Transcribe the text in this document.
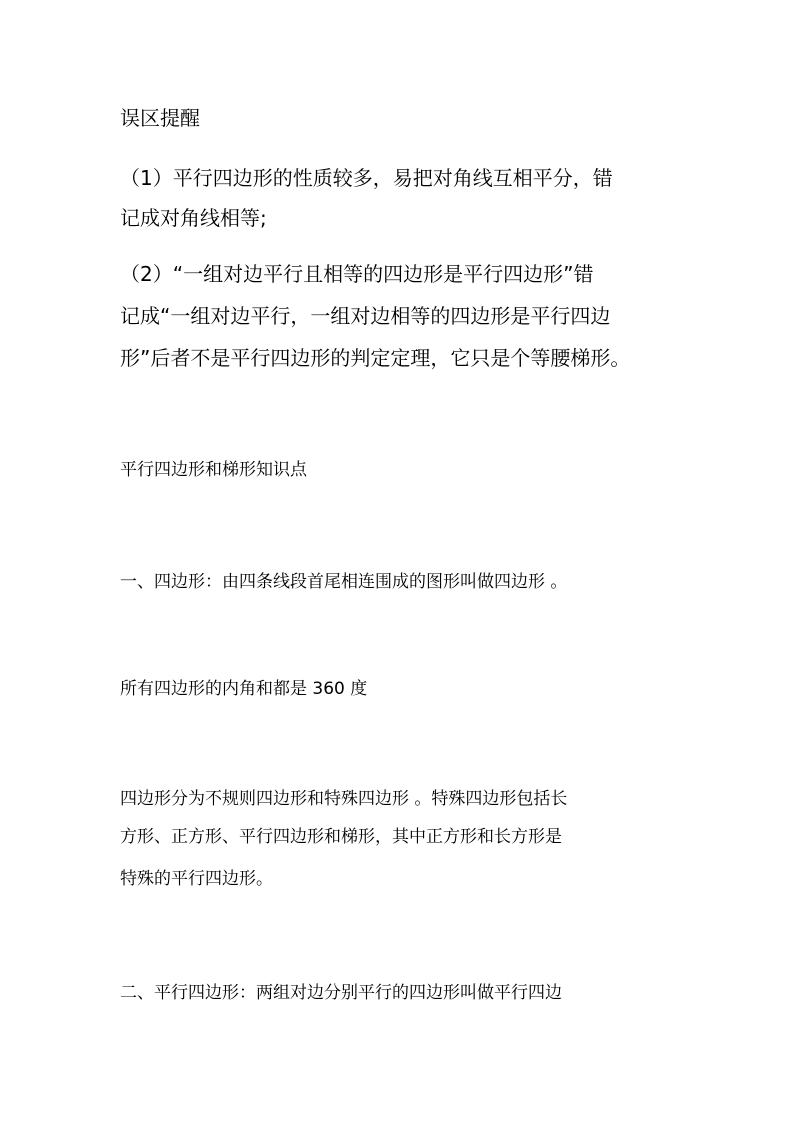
误区提醒
（1）平行四边形的性质较多，易把对角线互相平分，错
记成对角线相等;
（2）“一组对边平行且相等的四边形是平行四边形”错
记成“一组对边平行，一组对边相等的四边形是平行四边
形”后者不是平行四边形的判定定理，它只是个等腰梯形。
平行四边形和梯形知识点
一、四边形：由四条线段首尾相连围成的图形叫做四边形 。
所有四边形的内角和都是 360 度
四边形分为不规则四边形和特殊四边形 。特殊四边形包括长
方形、正方形、平行四边形和梯形，其中正方形和长方形是
特殊的平行四边形。
二、平行四边形：两组对边分别平行的四边形叫做平行四边
